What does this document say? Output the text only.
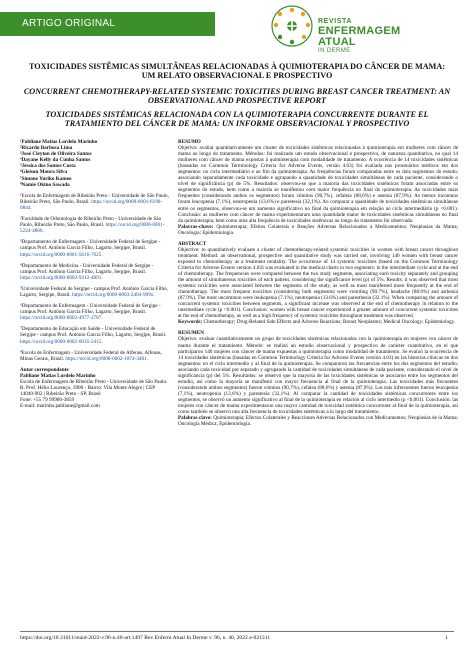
ARTIGO ORIGINAL	REVISTA
ENFERMAGEM ATUAL
IN DERME

TOXICIDADES SISTÊMICAS SIMULTÂNEAS RELACIONADAS À QUIMIOTERAPIA DO CÂNCER DE MAMA: UM RELATO OBSERVACIONAL E PROSPECTIVO

CONCURRENT CHEMOTHERAPY-RELATED SYSTEMIC TOXICITIES DURING BREAST CANCER TREATMENT: AN OBSERVATIONAL AND PROSPECTIVE REPORT

TOXICIDADES SISTÉMICAS RELACIONADA CON LA QUIMIOTERAPIA CONCURRENTE DURANTE EL TRATAMIENTO DEL CÁNCER DE MAMA: UN INFORME OBSERVACIONAL Y PROSPECTIVO

¹Pabliane Matias Lordelo Marinho

²Ricardo Barbosa Lima

³José Cleyton de Oliveira Santos

⁴Dayane Kelly da Cunha Santos

⁵Jéssica dos Santos Costa

⁶Gleison Moura Silva

⁷Simone Yuriko Kameo

⁸Namie Okino Sawada

¹Escola de Enfermagem de Ribeirão Preto - Universidade de São Paulo, Ribeirão Preto, São Paulo, Brasil. https://orcid.org/0000-0001-6190-0844.

²Faculdade de Odontologia de Ribeirão Preto - Universidade de São Paulo, Ribeirão Preto, São Paulo, Brasil. https://orcid.org/0000-0001-5224-4800.

³Departamento de Enfermagem - Universidade Federal de Sergipe - campus Prof. Antônio Garcia Filho, Lagarto, Sergipe, Brasil. https://orcid.org/0000-0001-5616-7625.

⁴Departamento de Medicina - Universidade Federal de Sergipe - campus Prof. Antônio Garcia Filho, Lagarto, Sergipe, Brasil. https://orcid.org/0000-0002-9312-4891.

⁵Universidade Federal de Sergipe - campus Prof. Antônio Garcia Filho, Lagarto, Sergipe, Brasil. https://orcid.org/0000-0003-2404-999x.

⁶Departamento de Enfermagem - Universidade Federal de Sergipe - campus Prof. Antônio Garcia Filho, Lagarto, Sergipe, Brasil. https://orcid.org/0000-0002-4977-2787.

⁷Departamento de Educação em Saúde - Universidade Federal de Sergipe - campus Prof. Antônio Garcia Filho, Lagarto, Sergipe, Brasil. https://orcid.org/0000-0002-0035-2415.

⁸Escola de Enfermagem - Universidade Federal de Alfenas, Alfenas, Minas Gerais, Brasil. https://orcid.org/0000-0002-1874-3481.

Autor correspondente

Pabliane Matias Lordelo Marinho

Escola de Enfermagem de Ribeirão Preto - Universidade de São Paulo. R. Prof. Hélio Lourenço, 3900 - Bairro: Vila Monte Alegre | CEP 14040-902 | Ribeirão Preto - SP, Brasil

Fone: +55 79 99900-3859

E-mail: marinho.pabliane@gmail.com

RESUMO

Objetivo: avaliar quantitativamente um cluster de toxicidades sistêmicas relacionadas à quimioterapia em mulheres com câncer de mama ao longo do tratamento. Métodos: foi realizado um estudo observacional e prospectivo, de natureza quantitativa, no qual 14 mulheres com câncer de mama expostas à quimioterapia com modalidade de tratamento. A ocorrência de 14 toxicidades sistêmicas (baseadas no Common Terminology Criteria for Adverse Events, versão 4.03) foi avaliada nos prontuários médicos em dos segmentos: no ciclo intermediário e ao fim da quimioterapia. As frequências foram comparadas entre os dois segmentos do estudo, associando separadamente cada toxicidade e agrupando a quantidade de toxicidades simultâneas de cada paciente, considerando o nível de significância (p) de 5%. Resultados: observou-se que a maioria das toxicidades sistêmicas foram associadas entre os segmentos do estudo, bem como a maioria se manifestou com maior frequência no final da quimioterapia. As toxicidades mais frequentes (considerando ambos os segmentos) foram vômitos (90,7%), cefaleia (88,6%) e astenia (87,9%). As menos incomuns foram leucopenia (7,1%), neutropenia (13,6%) e parestesia (32,1%). Ao comparar a quantidade de toxicidades sistêmicas simultâneas entre os segmentos, observou-se um aumento significativo no final da quimioterapia em relação ao ciclo intermediário (p <0.001). Conclusão: as mulheres com câncer de mama experimentaram uma quantidade maior de toxicidades sistêmicas simultâneas no final da quimioterapia, bem como uma alta frequência de toxicidades sistêmicas ao longo do tratamento foi observada.

Palavras-chave: Quimioterapia; Efeitos Colaterais e Reações Adversas Relacionados a Medicamentos; Neoplasias da Mama; Oncologia; Epidemiologia.

ABSTRACT

Objective: to quantitatively evaluate a cluster of chemotherapy-related systemic toxicities in women with breast cancer throughout treatment. Method: an observational, prospective and quantitative study was carried out, involving 140 women with breast cancer exposed to chemotherapy as a treatment modality. The occurrence of 14 systemic toxicities (based on the Common Terminology Criteria for Adverse Events version 4.03) was evaluated in the medical charts in two segments: in the intermediate cycle and at the end of chemotherapy. The frequencies were compared between the two study segments, associating each toxicity separately and grouping the amount of simultaneous toxicities of each patient, considering the significance level (p) of 5%. Results: it was observed that most systemic toxicities were associated between the segments of the study, as well as most manifested more frequently at the end of chemotherapy. The most frequent toxicities (considering both segments) were vomiting (90.7%), headache (88.6%) and asthenia (87.9%). The most uncommon were leukopenia (7.1%), neutropenia (13.6%) and paresthesia (32.1%). When comparing the amount of concurrent systemic toxicities between segments, a significant increase was observed at the end of chemotherapy in relation to the intermediate cycle (p <0.001). Conclusion: women with breast cancer experienced a greater amount of concurrent systemic toxicities at the end of chemotherapy, as well as a high frequency of systemic toxicities throughout treatment was observed.

Keywords: Chemotherapy; Drug-Related Side Effects and Adverse Reactions; Breast Neoplasms; Medical Oncology; Epidemiology.

RESUMEN

Objetivo: evaluar cuantitativamente un grupo de toxicidades sistémicas relacionadas con la quimioterapia en mujeres con cáncer de mama durante el tratamiento. Método: se realizó un estudio observacional y prospectivo de carácter cuantitativo, en el que participaron 140 mujeres con cáncer de mama expuestas a quimioterapia como modalidad de tratamiento. Se evaluó la ocurrencia de 14 toxicidades sistémicas (basadas en Common Terminology Criteria for Adverse Events versión 4.03) en las historias clínicas en dos segmentos: en el ciclo intermedio y al final de la quimioterapia. Se compararon las frecuencias entre los dos segmentos del estudio, asociando cada toxicidad por separado y agrupando la cantidad de toxicidades simultáneas de cada paciente, considerando el nivel de significancia (p) del 5%. Resultados: se observó que la mayoría de las toxicidades sistémicas se asociaron entre los segmentos del estudio, así como la mayoría se manifestó con mayor frecuencia al final de la quimioterapia. Las toxicidades más frecuentes (considerando ambos segmentos) fueron vómitos (90,7%), cefalea (88,6%) y astenia (87,9%). Las más infrecuentes fueron leucopenia (7,1%), neutropenia (13,6%) y parestesia (32,1%). Al comparar la cantidad de toxicidades sistémicas concurrentes entre los segmentos, se observó un aumento significativo al final de la quimioterapia en relación al ciclo intermedio (p <0,001). Conclusión: las mujeres con cáncer de mama experimentaron una mayor cantidad de toxicidad sistémica concurrente al final de la quimioterapia, así como también se observó una alta frecuencia de toxicidades sistémicas a lo largo del tratamiento.

Palabras clave: Quimioterapia; Efectos Colaterales y Reacciones Adversas Relacionados con Medicamentos; Neoplasias de la Mama; Oncología Médica; Epidemiología.

https://doi.org/10.31011/reaid-2022-v.96-n.40-art.1497 Rev Enferm Atual In Derme v. 96, n. 40, 2022 e-021311	1
